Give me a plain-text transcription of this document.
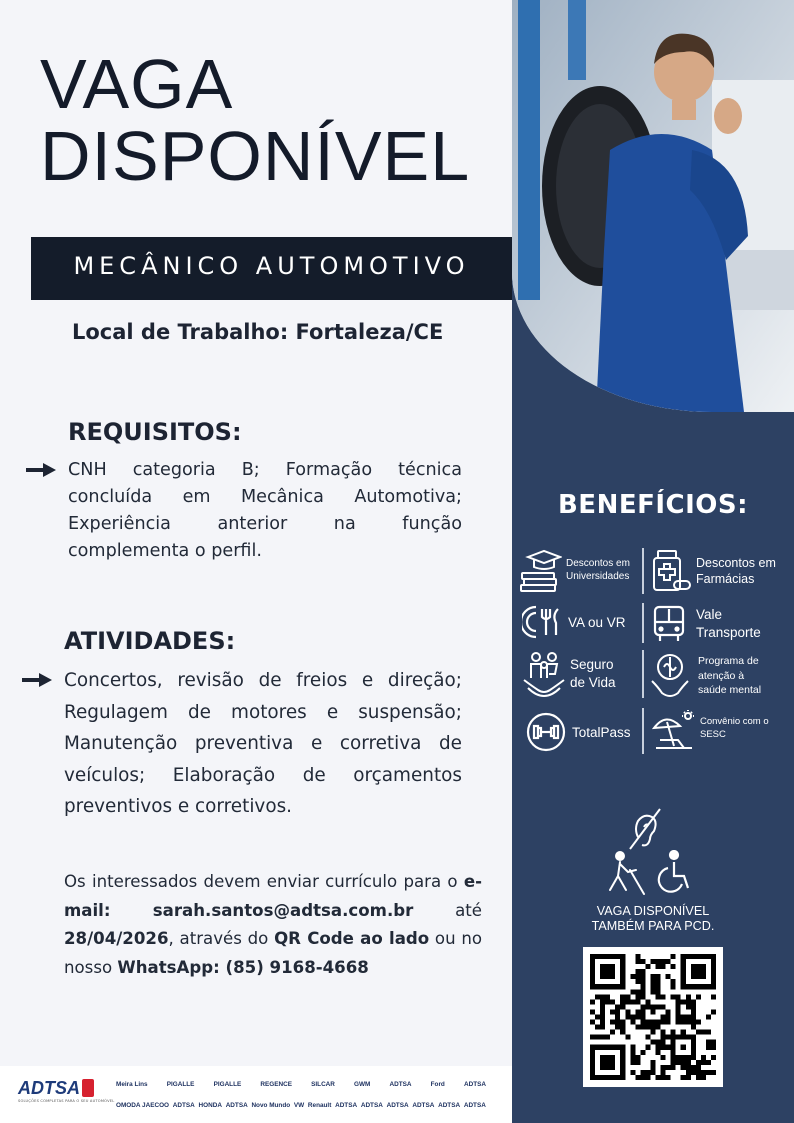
VAGA
DISPONÍVEL
MECÂNICO AUTOMOTIVO
Local de Trabalho: Fortaleza/CE
REQUISITOS:
CNH categoria B; Formação técnica concluída em Mecânica Automotiva; Experiência anterior na função complementa o perfil.
ATIVIDADES:
Concertos, revisão de freios e direção; Regulagem de motores e suspensão; Manutenção preventiva e corretiva de veículos; Elaboração de orçamentos preventivos e corretivos.
Os interessados devem enviar currículo para o e-mail: sarah.santos@adtsa.com.br até 28/04/2026, através do QR Code ao lado ou no nosso WhatsApp: (85) 9168-4668
BENEFÍCIOS:
Descontos em
Universidades
Descontos em
Farmácias
VA ou VR	Vale
Transporte
Seguro
de Vida
Programa de
atenção à
saúde mental
TotalPass
Convênio com o
SESC
VAGA DISPONÍVEL
TAMBÉM PARA PCD.
ADTSA
SOLUÇÕES COMPLETAS PARA O SEU AUTOMÓVEL
Meira Lins	PIGALLE	PIGALLE	REGENCE	SILCAR	GWM	ADTSA	Ford	ADTSA
OMODA JAECOO ADTSA HONDA ADTSA Novo Mundo VW Renault ADTSA ADTSA ADTSA ADTSA ADTSA ADTSA
